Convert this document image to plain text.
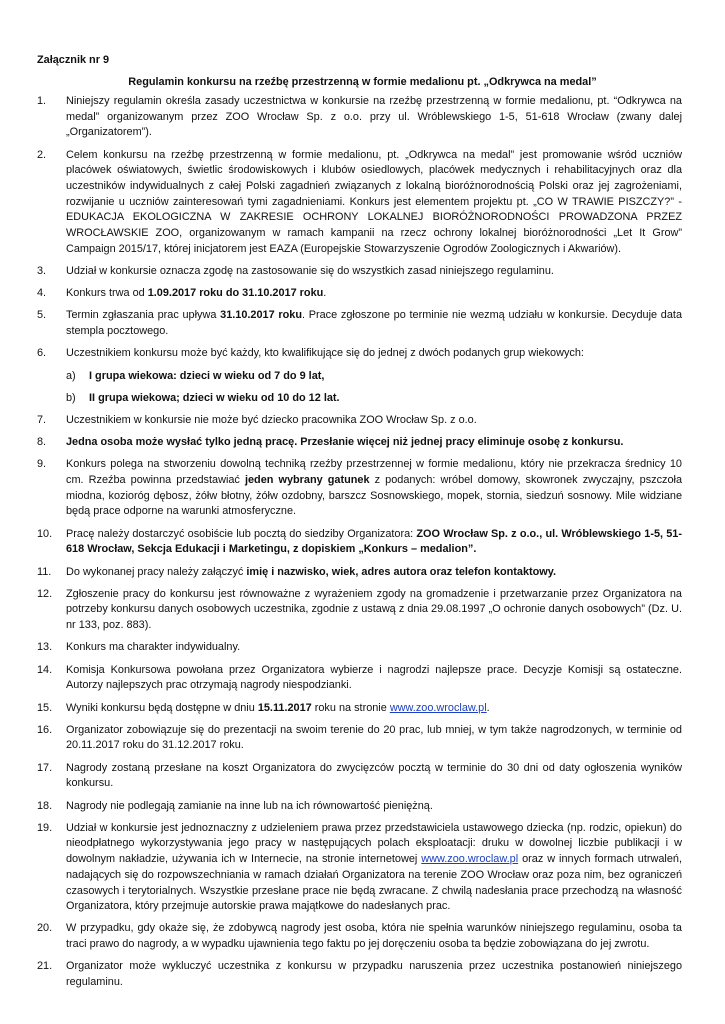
Załącznik nr 9
Regulamin konkursu na rzeźbę przestrzenną w formie medalionu pt. „Odkrywca na medal”
1.	Niniejszy regulamin określa zasady uczestnictwa w konkursie na rzeźbę przestrzenną w formie medalionu, pt. “Odkrywca na medal” organizowanym przez ZOO Wrocław Sp. z o.o. przy ul. Wróblewskiego 1-5, 51-618 Wrocław (zwany dalej „Organizatorem”).
2.	Celem konkursu na rzeźbę przestrzenną w formie medalionu, pt. „Odkrywca na medal” jest promowanie wśród uczniów placówek oświatowych, świetlic środowiskowych i klubów osiedlowych, placówek medycznych i rehabilitacyjnych oraz dla uczestników indywidualnych z całej Polski zagadnień związanych z lokalną bioróżnorodnością Polski oraz jej zagrożeniami, rozwijanie u uczniów zainteresowań tymi zagadnieniami. Konkurs jest elementem projektu pt. „CO W TRAWIE PISZCZY?” - EDUKACJA EKOLOGICZNA W ZAKRESIE OCHRONY LOKALNEJ BIORÓŻNORODNOŚCI PROWADZONA PRZEZ WROCŁAWSKIE ZOO, organizowanym w ramach kampanii na rzecz ochrony lokalnej bioróżnorodności „Let It Grow” Campaign 2015/17, której inicjatorem jest EAZA (Europejskie Stowarzyszenie Ogrodów Zoologicznych i Akwariów).
3.	Udział w konkursie oznacza zgodę na zastosowanie się do wszystkich zasad niniejszego regulaminu.
4.	Konkurs trwa od 1.09.2017 roku do 31.10.2017 roku.
5.	Termin zgłaszania prac upływa 31.10.2017 roku. Prace zgłoszone po terminie nie wezmą udziału w konkursie. Decyduje data stempla pocztowego.
6.	Uczestnikiem konkursu może być każdy, kto kwalifikujące się do jednej z dwóch podanych grup wiekowych:
a)	I grupa wiekowa: dzieci w wieku od 7 do 9 lat,
b)	II grupa wiekowa; dzieci w wieku od 10 do 12 lat.
7.	Uczestnikiem w konkursie nie może być dziecko pracownika ZOO Wrocław Sp. z o.o.
8.	Jedna osoba może wysłać tylko jedną pracę. Przesłanie więcej niż jednej pracy eliminuje osobę z konkursu.
9.	Konkurs polega na stworzeniu dowolną techniką rzeźby przestrzennej w formie medalionu, który nie przekracza średnicy 10 cm. Rzeźba powinna przedstawiać jeden wybrany gatunek z podanych: wróbel domowy, skowronek zwyczajny, pszczoła miodna, kozioróg dębosz, żółw błotny, żółw ozdobny, barszcz Sosnowskiego, mopek, stornia, siedzuń sosnowy. Mile widziane będą prace odporne na warunki atmosferyczne.
10.	Pracę należy dostarczyć osobiście lub pocztą do siedziby Organizatora: ZOO Wrocław Sp. z o.o., ul. Wróblewskiego 1-5, 51-618 Wrocław, Sekcja Edukacji i Marketingu, z dopiskiem „Konkurs – medalion”.
11.	Do wykonanej pracy należy załączyć imię i nazwisko, wiek, adres autora oraz telefon kontaktowy.
12.	Zgłoszenie pracy do konkursu jest równoważne z wyrażeniem zgody na gromadzenie i przetwarzanie przez Organizatora na potrzeby konkursu danych osobowych uczestnika, zgodnie z ustawą z dnia 29.08.1997 „O ochronie danych osobowych” (Dz. U. nr 133, poz. 883).
13.	Konkurs ma charakter indywidualny.
14.	Komisja Konkursowa powołana przez Organizatora wybierze i nagrodzi najlepsze prace. Decyzje Komisji są ostateczne. Autorzy najlepszych prac otrzymają nagrody niespodzianki.
15.	Wyniki konkursu będą dostępne w dniu 15.11.2017 roku na stronie www.zoo.wroclaw.pl.
16.	Organizator zobowiązuje się do prezentacji na swoim terenie do 20 prac, lub mniej, w tym także nagrodzonych, w terminie od 20.11.2017 roku do 31.12.2017 roku.
17.	Nagrody zostaną przesłane na koszt Organizatora do zwycięzców pocztą w terminie do 30 dni od daty ogłoszenia wyników konkursu.
18.	Nagrody nie podlegają zamianie na inne lub na ich równowartość pieniężną.
19.	Udział w konkursie jest jednoznaczny z udzieleniem prawa przez przedstawiciela ustawowego dziecka (np. rodzic, opiekun) do nieodpłatnego wykorzystywania jego pracy w następujących polach eksploatacji: druku w dowolnej liczbie publikacji i w dowolnym nakładzie, używania ich w Internecie, na stronie internetowej www.zoo.wroclaw.pl oraz w innych formach utrwaleń, nadających się do rozpowszechniania w ramach działań Organizatora na terenie ZOO Wrocław oraz poza nim, bez ograniczeń czasowych i terytorialnych. Wszystkie przesłane prace nie będą zwracane. Z chwilą nadesłania prace przechodzą na własność Organizatora, który przejmuje autorskie prawa majątkowe do nadesłanych prac.
20.	W przypadku, gdy okaże się, że zdobywcą nagrody jest osoba, która nie spełnia warunków niniejszego regulaminu, osoba ta traci prawo do nagrody, a w wypadku ujawnienia tego faktu po jej doręczeniu osoba ta będzie zobowiązana do jej zwrotu.
21.	Organizator może wykluczyć uczestnika z konkursu w przypadku naruszenia przez uczestnika postanowień niniejszego regulaminu.
